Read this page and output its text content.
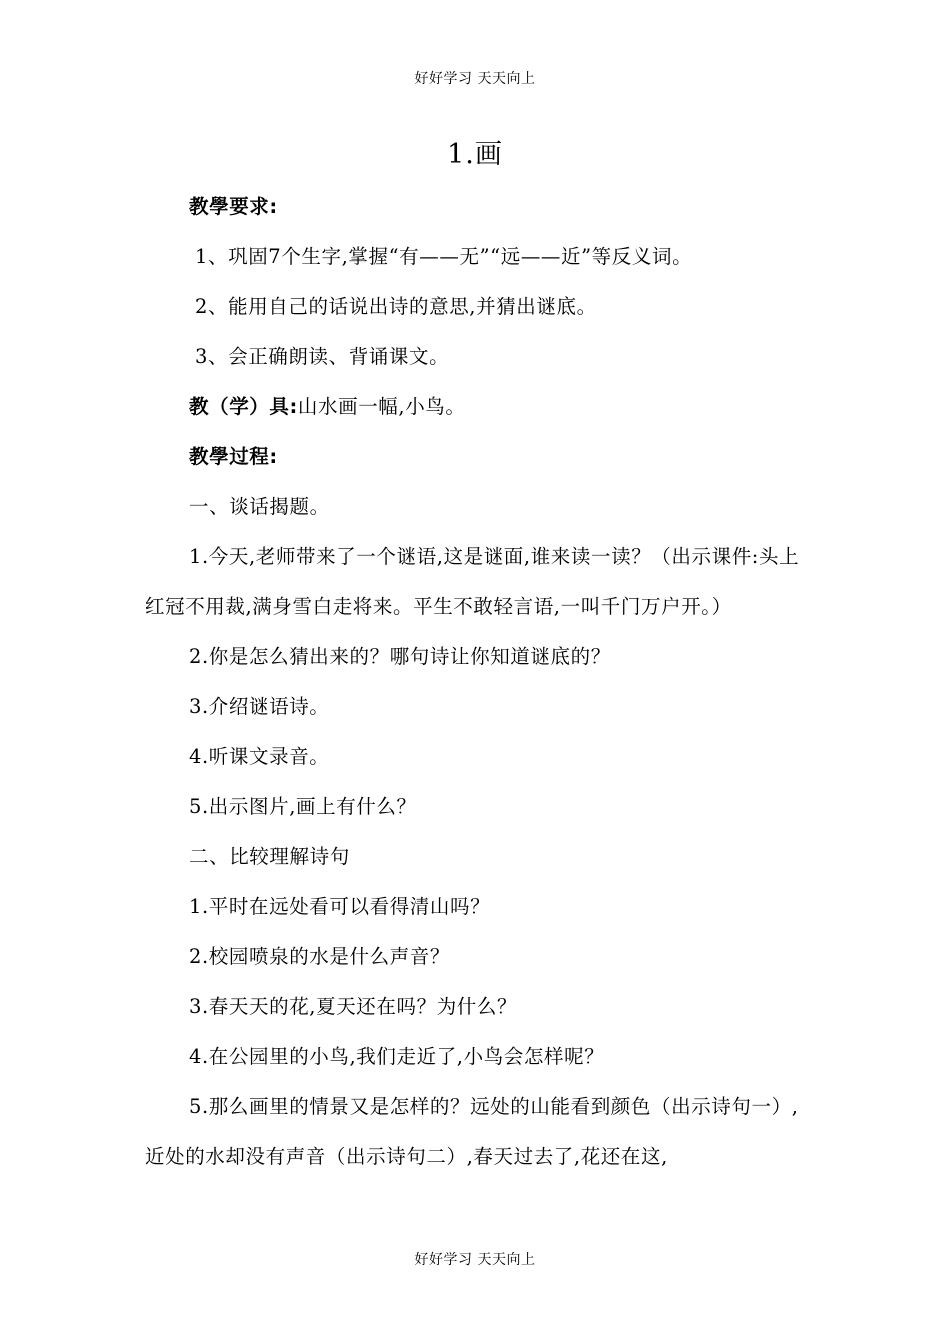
好好学习 天天向上
1.画

教學要求:

1、巩固7个生字,掌握“有——无”“远——近”等反义词。

2、能用自己的话说出诗的意思,并猜出谜底。

3、会正确朗读、背诵课文。

教（学）具:山水画一幅,小鸟。

教學过程:

一、谈话揭题。

1.今天,老师带来了一个谜语,这是谜面,谁来读一读？（出示课件:头上红冠不用裁,满身雪白走将来。平生不敢轻言语,一叫千门万户开。）

2.你是怎么猜出来的？哪句诗让你知道谜底的？

3.介绍谜语诗。

4.听课文录音。

5.出示图片,画上有什么？

二、比较理解诗句

1.平时在远处看可以看得清山吗？

2.校园喷泉的水是什么声音？

3.春天天的花,夏天还在吗？为什么？

4.在公园里的小鸟,我们走近了,小鸟会怎样呢？

5.那么画里的情景又是怎样的？远处的山能看到颜色（出示诗句一）,近处的水却没有声音（出示诗句二）,春天过去了,花还在这,

好好学习 天天向上
